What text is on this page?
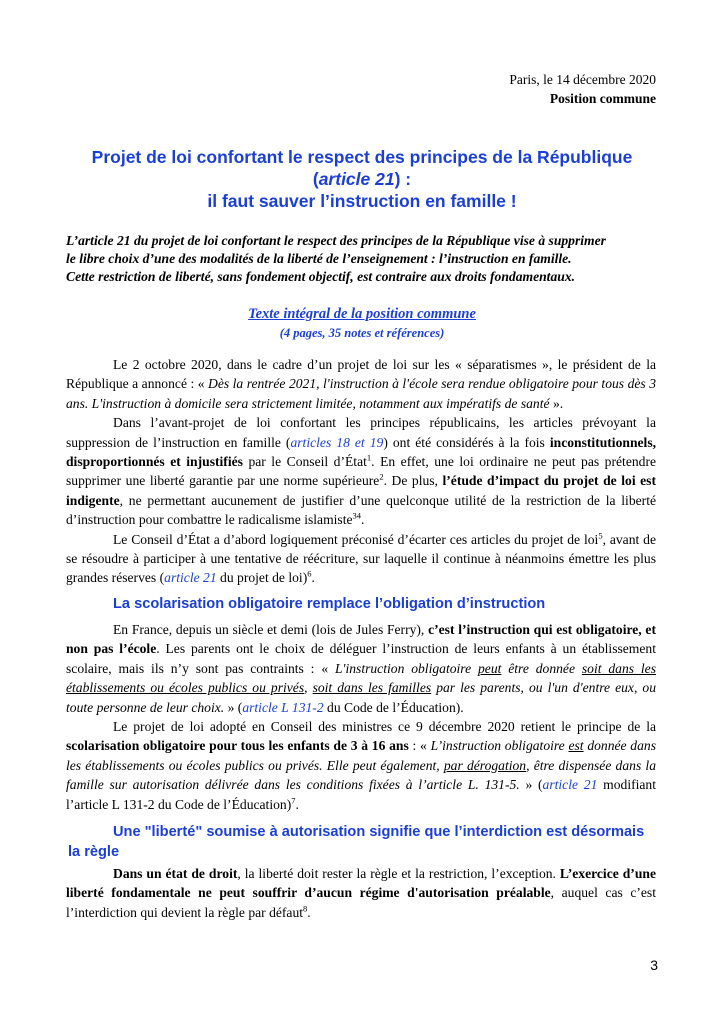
Paris, le 14 décembre 2020
Position commune
Projet de loi confortant le respect des principes de la République
(article 21) :
il faut sauver l’instruction en famille !
L’article 21 du projet de loi confortant le respect des principes de la République vise à supprimer
le libre choix d’une des modalités de la liberté de l’enseignement : l’instruction en famille.
Cette restriction de liberté, sans fondement objectif, est contraire aux droits fondamentaux.
Texte intégral de la position commune
(4 pages, 35 notes et références)

Le 2 octobre 2020, dans le cadre d’un projet de loi sur les « séparatismes », le président de la République a annoncé : « Dès la rentrée 2021, l'instruction à l'école sera rendue obligatoire pour tous dès 3 ans. L'instruction à domicile sera strictement limitée, notamment aux impératifs de santé ».

Dans l’avant-projet de loi confortant les principes républicains, les articles prévoyant la suppression de l’instruction en famille (articles 18 et 19) ont été considérés à la fois inconstitutionnels, disproportionnés et injustifiés par le Conseil d’État$^1$. En effet, une loi ordinaire ne peut pas prétendre supprimer une liberté garantie par une norme supérieure$^2$. De plus, l’étude d’impact du projet de loi est indigente, ne permettant aucunement de justifier d’une quelconque utilité de la restriction de la liberté d’instruction pour combattre le radicalisme islamiste$^{34}$.

Le Conseil d’État a d’abord logiquement préconisé d’écarter ces articles du projet de loi$^5$, avant de se résoudre à participer à une tentative de réécriture, sur laquelle il continue à néanmoins émettre les plus grandes réserves (article 21 du projet de loi)$^6$.

La scolarisation obligatoire remplace l’obligation d’instruction

En France, depuis un siècle et demi (lois de Jules Ferry), c’est l’instruction qui est obligatoire, et non pas l’école. Les parents ont le choix de déléguer l’instruction de leurs enfants à un établissement scolaire, mais ils n’y sont pas contraints : « L'instruction obligatoire peut être donnée soit dans les établissements ou écoles publics ou privés, soit dans les familles par les parents, ou l'un d'entre eux, ou toute personne de leur choix. » (article L 131-2 du Code de l’Éducation).

Le projet de loi adopté en Conseil des ministres ce 9 décembre 2020 retient le principe de la scolarisation obligatoire pour tous les enfants de 3 à 16 ans : « L’instruction obligatoire est donnée dans les établissements ou écoles publics ou privés. Elle peut également, par dérogation, être dispensée dans la famille sur autorisation délivrée dans les conditions fixées à l’article L. 131-5. » (article 21 modifiant l’article L 131-2 du Code de l’Éducation)$^7$.

Une "liberté" soumise à autorisation signifie que l’interdiction est désormais la règle

Dans un état de droit, la liberté doit rester la règle et la restriction, l’exception. L’exercice d’une liberté fondamentale ne peut souffrir d’aucun régime d'autorisation préalable, auquel cas c’est l’interdiction qui devient la règle par défaut$^8$.

3
